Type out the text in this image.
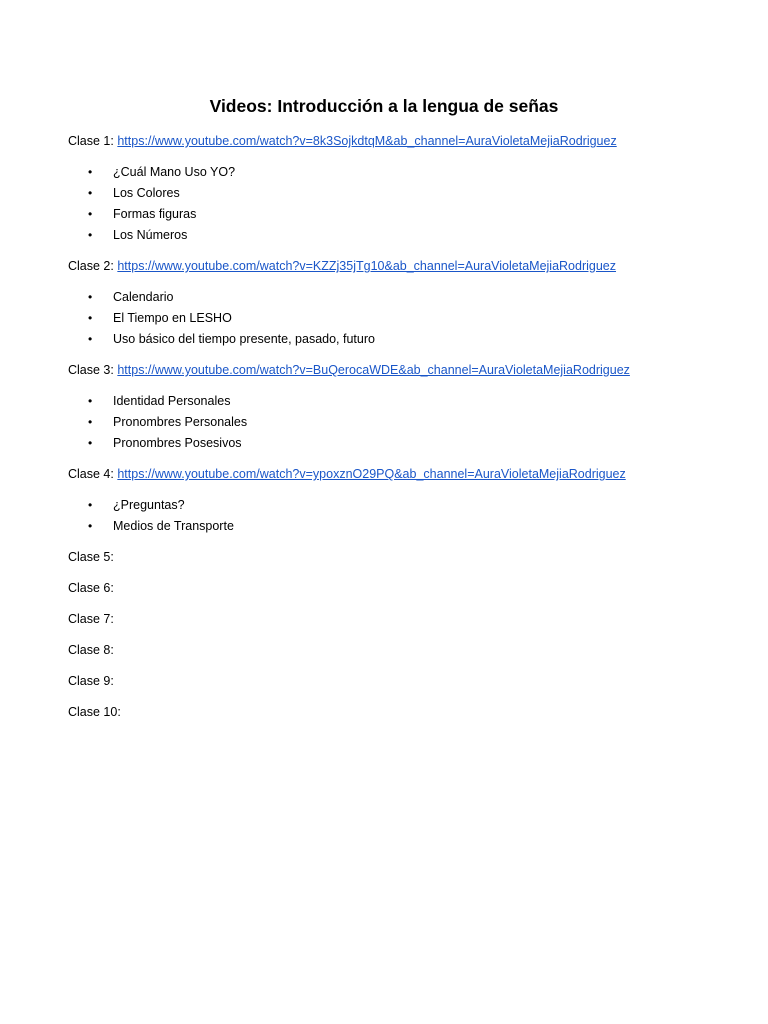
Videos: Introducción a la lengua de señas
Clase 1: https://www.youtube.com/watch?v=8k3SojkdtqM&ab_channel=AuraVioletaMejiaRodriguez
• ¿Cuál Mano Uso YO?
• Los Colores
• Formas figuras
• Los Números
Clase 2: https://www.youtube.com/watch?v=KZZj35jTg10&ab_channel=AuraVioletaMejiaRodriguez
• Calendario
• El Tiempo en LESHO
• Uso básico del tiempo presente, pasado, futuro
Clase 3: https://www.youtube.com/watch?v=BuQerocaWDE&ab_channel=AuraVioletaMejiaRodriguez
• Identidad Personales
• Pronombres Personales
• Pronombres Posesivos
Clase 4: https://www.youtube.com/watch?v=ypoxznO29PQ&ab_channel=AuraVioletaMejiaRodriguez
• ¿Preguntas?
• Medios de Transporte
Clase 5:
Clase 6:
Clase 7:
Clase 8:
Clase 9:
Clase 10:
